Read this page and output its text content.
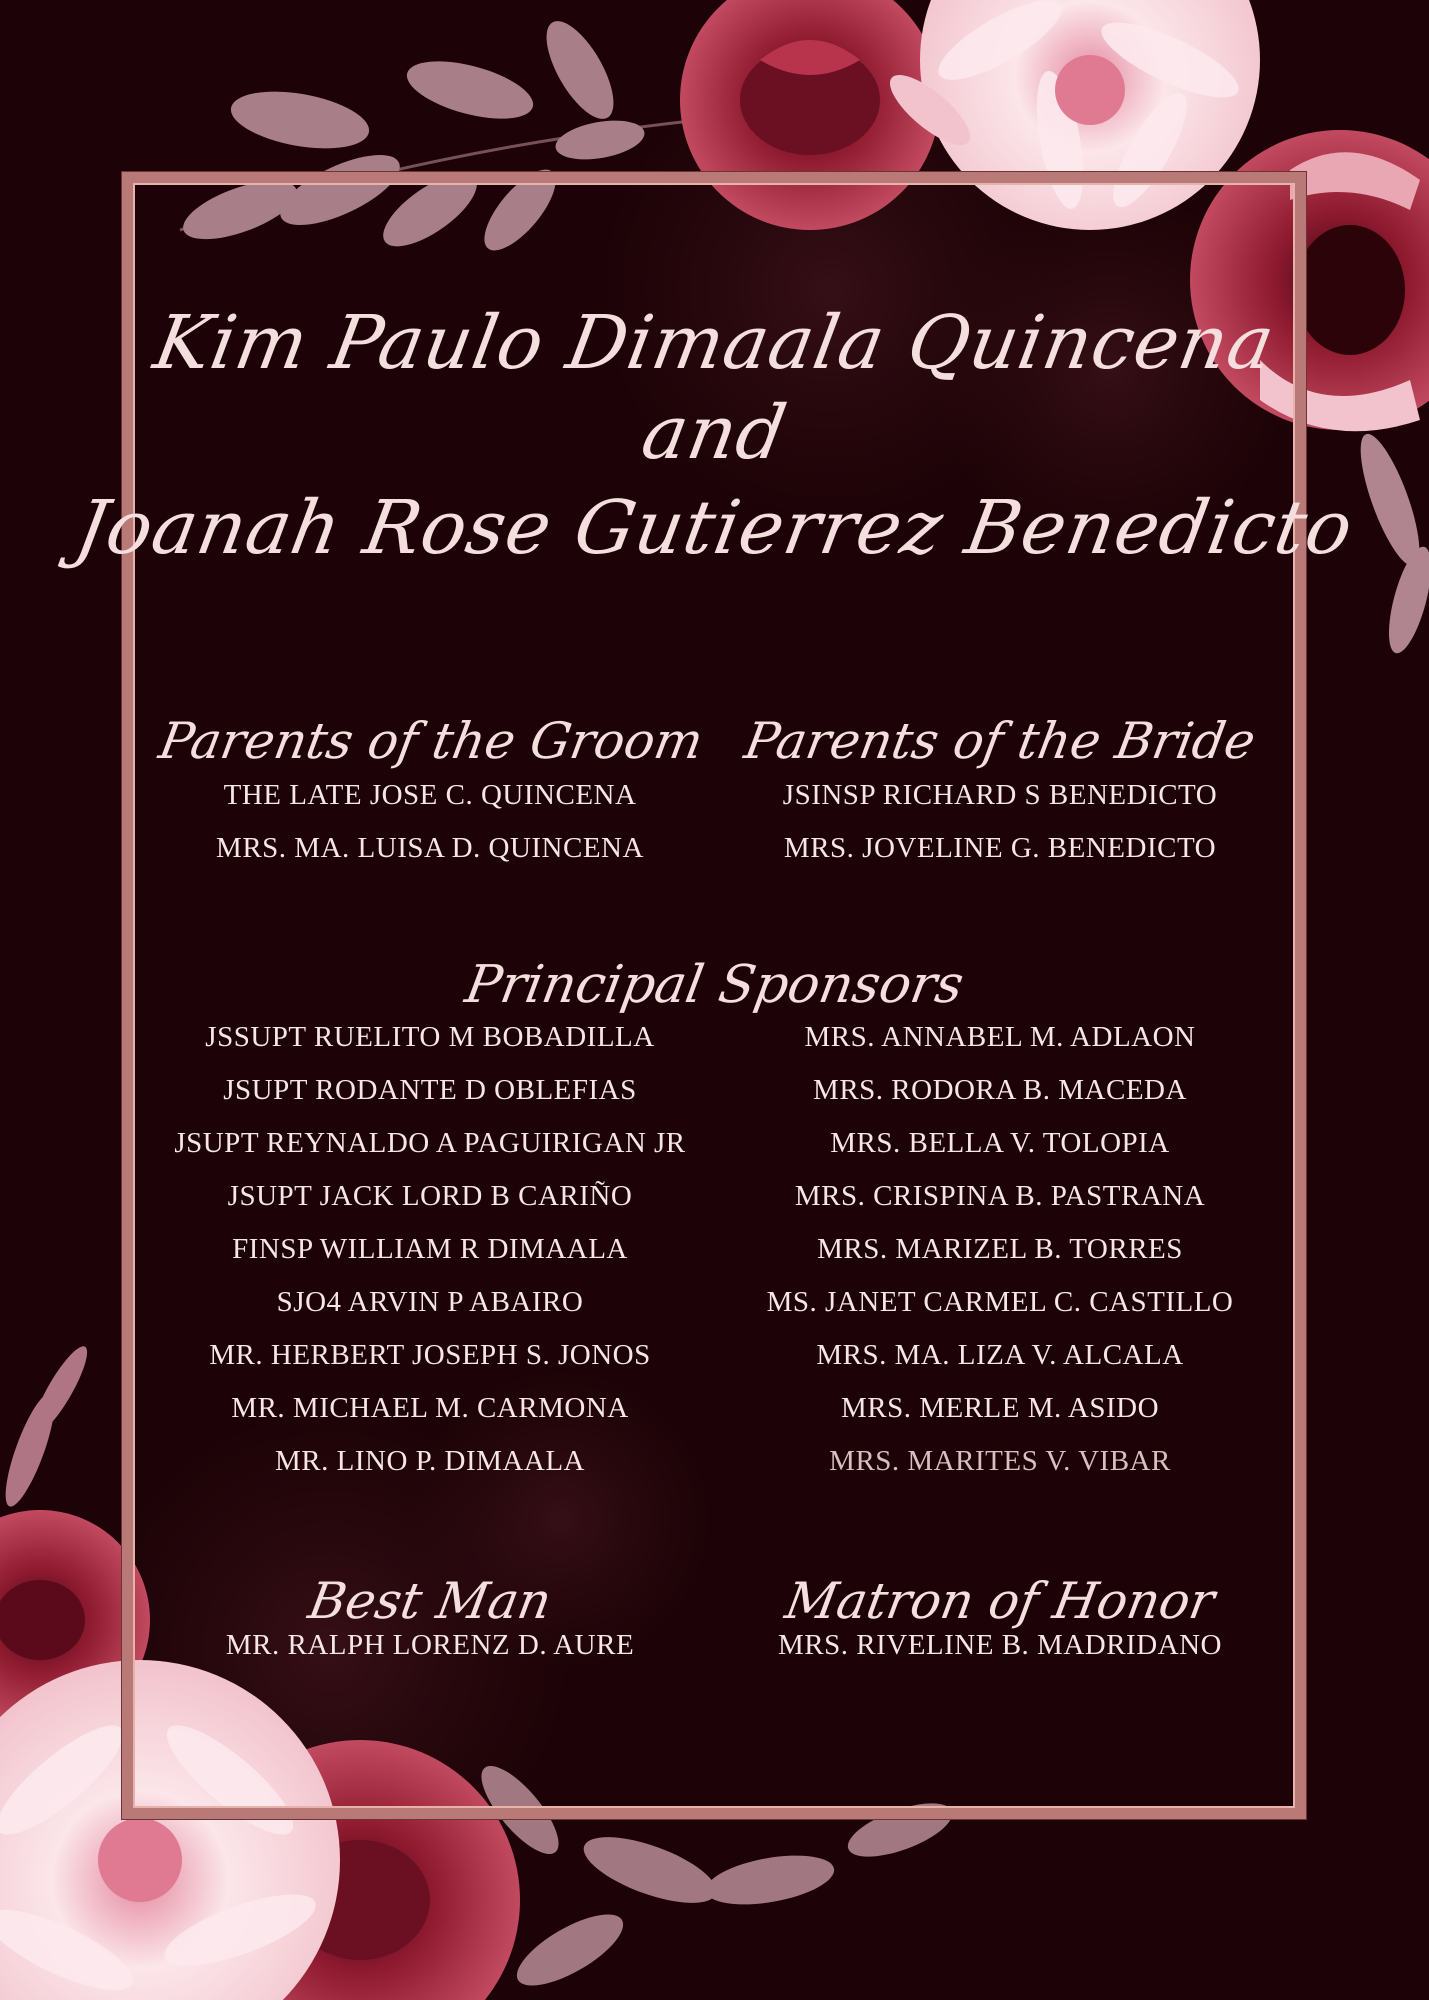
Kim Paulo Dimaala Quincena
and
Joanah Rose Gutierrez Benedicto
Parents of the Groom Parents of the Bride
THE LATE JOSE C. QUINCENA
MRS. MA. LUISA D. QUINCENA
JSINSP RICHARD S BENEDICTO
MRS. JOVELINE G. BENEDICTO
Principal Sponsors
JSSUPT RUELITO M BOBADILLA
JSUPT RODANTE D OBLEFIAS
JSUPT REYNALDO A PAGUIRIGAN JR
JSUPT JACK LORD B CARIÑO
FINSP WILLIAM R DIMAALA
SJO4 ARVIN P ABAIRO
MR. HERBERT JOSEPH S. JONOS
MR. MICHAEL M. CARMONA
MR. LINO P. DIMAALA
MRS. ANNABEL M. ADLAON
MRS. RODORA B. MACEDA
MRS. BELLA V. TOLOPIA
MRS. CRISPINA B. PASTRANA
MRS. MARIZEL B. TORRES
MS. JANET CARMEL C. CASTILLO
MRS. MA. LIZA V. ALCALA
MRS. MERLE M. ASIDO
MRS. MARITES V. VIBAR
Best Man	Matron of Honor
MR. RALPH LORENZ D. AURE	MRS. RIVELINE B. MADRIDANO
